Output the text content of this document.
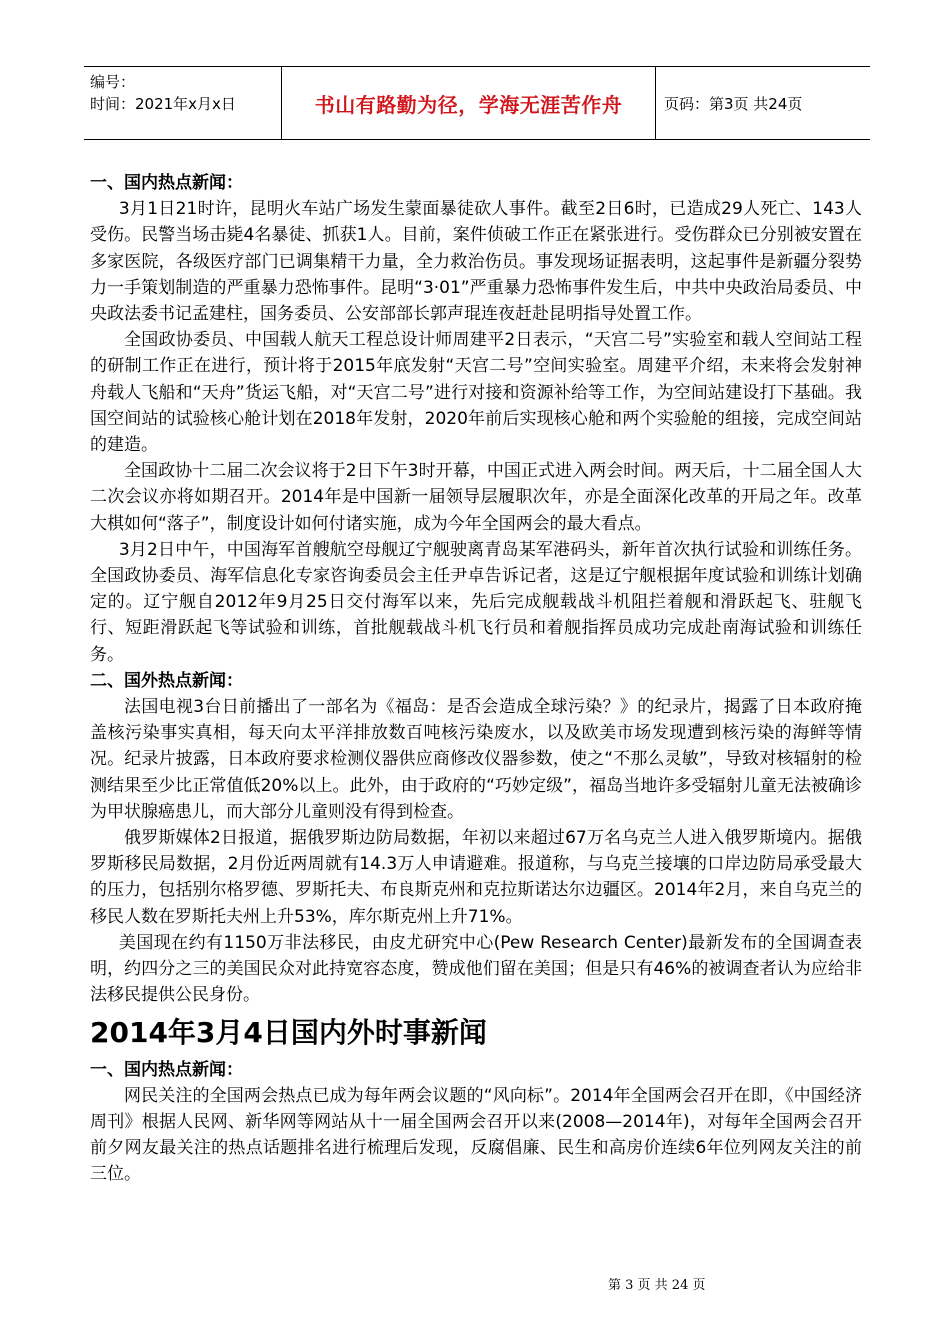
编号：
时间：2021年x月x日	书山有路勤为径，学海无涯苦作舟	页码：第3页 共24页

一、国内热点新闻：

3月1日21时许，昆明火车站广场发生蒙面暴徒砍人事件。截至2日6时，已造成29人死亡、143人受伤。民警当场击毙4名暴徒、抓获1人。目前，案件侦破工作正在紧张进行。受伤群众已分别被安置在多家医院，各级医疗部门已调集精干力量，全力救治伤员。事发现场证据表明，这起事件是新疆分裂势力一手策划制造的严重暴力恐怖事件。昆明“3·01”严重暴力恐怖事件发生后，中共中央政治局委员、中央政法委书记孟建柱，国务委员、公安部部长郭声琨连夜赶赴昆明指导处置工作。

全国政协委员、中国载人航天工程总设计师周建平2日表示，“天宫二号”实验室和载人空间站工程的研制工作正在进行，预计将于2015年底发射“天宫二号”空间实验室。周建平介绍，未来将会发射神舟载人飞船和“天舟”货运飞船，对“天宫二号”进行对接和资源补给等工作，为空间站建设打下基础。我国空间站的试验核心舱计划在2018年发射，2020年前后实现核心舱和两个实验舱的组接，完成空间站的建造。

全国政协十二届二次会议将于2日下午3时开幕，中国正式进入两会时间。两天后，十二届全国人大二次会议亦将如期召开。2014年是中国新一届领导层履职次年，亦是全面深化改革的开局之年。改革大棋如何“落子”，制度设计如何付诸实施，成为今年全国两会的最大看点。

3月2日中午，中国海军首艘航空母舰辽宁舰驶离青岛某军港码头，新年首次执行试验和训练任务。全国政协委员、海军信息化专家咨询委员会主任尹卓告诉记者，这是辽宁舰根据年度试验和训练计划确定的。辽宁舰自2012年9月25日交付海军以来，先后完成舰载战斗机阻拦着舰和滑跃起飞、驻舰飞行、短距滑跃起飞等试验和训练，首批舰载战斗机飞行员和着舰指挥员成功完成赴南海试验和训练任务。

二、国外热点新闻：

法国电视3台日前播出了一部名为《福岛：是否会造成全球污染？》的纪录片，揭露了日本政府掩盖核污染事实真相，每天向太平洋排放数百吨核污染废水，以及欧美市场发现遭到核污染的海鲜等情况。纪录片披露，日本政府要求检测仪器供应商修改仪器参数，使之“不那么灵敏”，导致对核辐射的检测结果至少比正常值低20%以上。此外，由于政府的“巧妙定级”，福岛当地许多受辐射儿童无法被确诊为甲状腺癌患儿，而大部分儿童则没有得到检查。

俄罗斯媒体2日报道，据俄罗斯边防局数据，年初以来超过67万名乌克兰人进入俄罗斯境内。据俄罗斯移民局数据，2月份近两周就有14.3万人申请避难。报道称，与乌克兰接壤的口岸边防局承受最大的压力，包括别尔格罗德、罗斯托夫、布良斯克州和克拉斯诺达尔边疆区。2014年2月，来自乌克兰的移民人数在罗斯托夫州上升53%，库尔斯克州上升71%。

美国现在约有1150万非法移民，由皮尤研究中心(Pew Research Center)最新发布的全国调查表明，约四分之三的美国民众对此持宽容态度，赞成他们留在美国；但是只有46%的被调查者认为应给非法移民提供公民身份。

2014年3月4日国内外时事新闻

一、国内热点新闻：

网民关注的全国两会热点已成为每年两会议题的“风向标”。2014年全国两会召开在即，《中国经济周刊》根据人民网、新华网等网站从十一届全国两会召开以来(2008—2014年)，对每年全国两会召开前夕网友最关注的热点话题排名进行梳理后发现，反腐倡廉、民生和高房价连续6年位列网友关注的前三位。

第 3 页 共 24 页
